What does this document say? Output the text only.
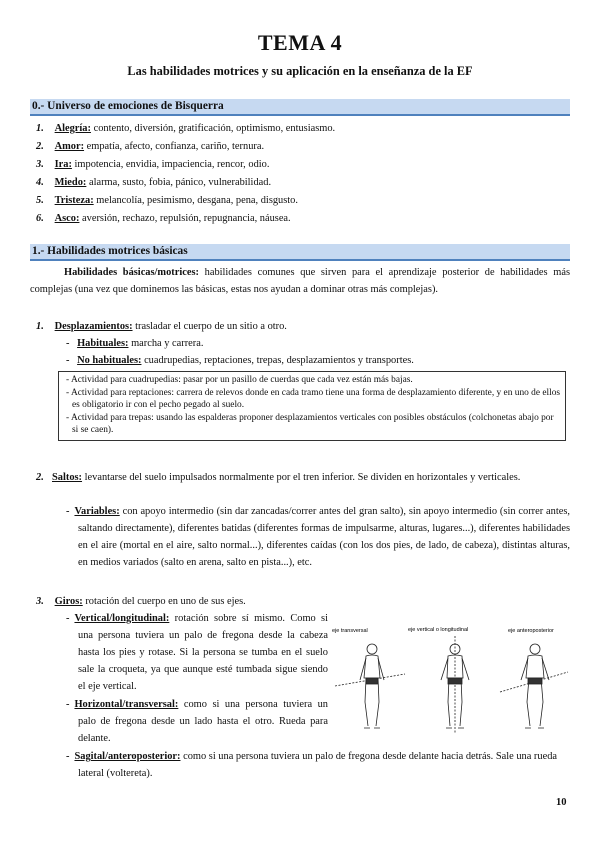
TEMA 4
Las habilidades motrices y su aplicación en la enseñanza de la EF
0.- Universo de emociones de Bisquerra
1. Alegría: contento, diversión, gratificación, optimismo, entusiasmo.
2. Amor: empatía, afecto, confianza, cariño, ternura.
3. Ira: impotencia, envidia, impaciencia, rencor, odio.
4. Miedo: alarma, susto, fobia, pánico, vulnerabilidad.
5. Tristeza: melancolía, pesimismo, desgana, pena, disgusto.
6. Asco: aversión, rechazo, repulsión, repugnancia, náusea.
1.- Habilidades motrices básicas
Habilidades básicas/motrices: habilidades comunes que sirven para el aprendizaje posterior de habilidades más complejas (una vez que dominemos las básicas, estas nos ayudan a dominar otras más complejas).
1. Desplazamientos: trasladar el cuerpo de un sitio a otro.
- Habituales: marcha y carrera.
- No habituales: cuadrupedias, reptaciones, trepas, desplazamientos y transportes.
- Actividad para cuadrupedias: pasar por un pasillo de cuerdas que cada vez están más bajas.
- Actividad para reptaciones: carrera de relevos donde en cada tramo tiene una forma de desplazamiento diferente, y en uno de ellos es obligatorio ir con el pecho pegado al suelo.
- Actividad para trepas: usando las espalderas proponer desplazamientos verticales con posibles obstáculos (colchonetas abajo por si se caen).
2. Saltos: levantarse del suelo impulsados normalmente por el tren inferior. Se dividen en horizontales y verticales.
- Variables: con apoyo intermedio (sin dar zancadas/correr antes del gran salto), sin apoyo intermedio (sin correr antes, saltando directamente), diferentes batidas (diferentes formas de impulsarme, alturas, lugares...), diferentes habilidades en el aire (mortal en el aire, salto normal...), diferentes caídas (con los dos pies, de lado, de cabeza), distintas alturas, en medios variados (salto en arena, salto en pista...), etc.
3. Giros: rotación del cuerpo en uno de sus ejes.
- Vertical/longitudinal: rotación sobre sí mismo. Como si una persona tuviera un palo de fregona desde la cabeza hasta los pies y rotase. Si la persona se tumba en el suelo sale la croqueta, ya que aunque esté tumbada sigue siendo el eje vertical.
- Horizontal/transversal: como si una persona tuviera un palo de fregona desde un lado hasta el otro. Rueda para delante.
- Sagital/anteroposterior: como si una persona tuviera un palo de fregona desde delante hacia detrás. Sale una rueda lateral (voltereta).
eje transversal	eje vertical o longitudinal	eje anteroposterior
10
